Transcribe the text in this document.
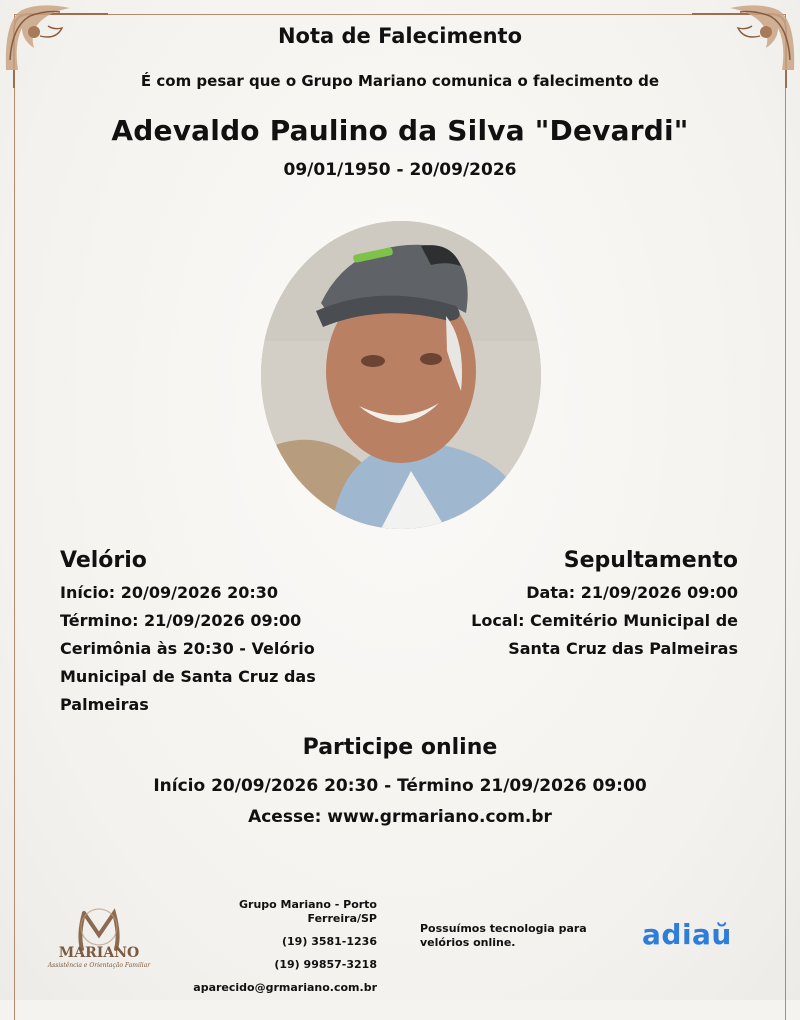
Nota de Falecimento
É com pesar que o Grupo Mariano comunica o falecimento de
Adevaldo Paulino da Silva "Devardi"
09/01/1950 - 20/09/2026
Velório
Início: 20/09/2026 20:30
Término: 21/09/2026 09:00
Cerimônia às 20:30 - Velório
Municipal de Santa Cruz das
Palmeiras
Sepultamento
Data: 21/09/2026 09:00
Local: Cemitério Municipal de
Santa Cruz das Palmeiras
Participe online
Início 20/09/2026 20:30 - Término 21/09/2026 09:00
Acesse: www.grmariano.com.br
MARIANO
Assistência e Orientação Familiar
Grupo Mariano - Porto
Ferreira/SP
(19) 3581-1236
(19) 99857-3218
aparecido@grmariano.com.br
Possuímos tecnologia para velórios online.	adiaŭ
